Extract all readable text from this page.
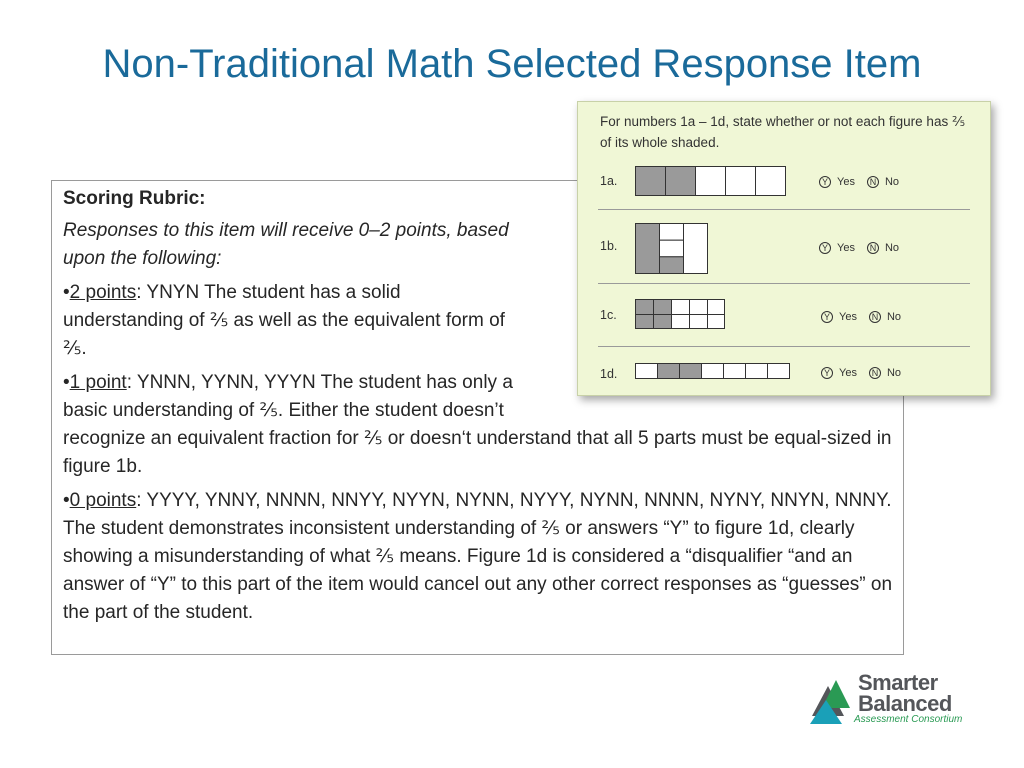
Non-Traditional Math Selected Response Item

Scoring Rubric:

Responses to this item will receive 0–2 points, based upon the following:

•2 points: YNYN The student has a solid understanding of ⅖ as well as the equivalent form of ⅖.

•1 point: YNNN, YYNN, YYYN The student has only a basic understanding of ⅖. Either the student doesn’t recognize an equivalent fraction for ⅖ or doesn‘t understand that all 5 parts must be equal-sized in figure 1b.

•0 points: YYYY, YNNY, NNNN, NNYY, NYYN, NYNN, NYYY, NYNN, NNNN, NYNY, NNYN, NNNY. The student demonstrates inconsistent understanding of ⅖ or answers “Y” to figure 1d, clearly showing a misunderstanding of what ⅖ means. Figure 1d is considered a “disqualifier “and an answer of “Y” to this part of the item would cancel out any other correct responses as “guesses” on the part of the student.

For numbers 1a – 1d, state whether or not each figure has ⅖ of its whole shaded.
1a.	Y Yes	N No
1b.	Y Yes	N No
1c.	Y Yes	N No
1d.	Y Yes	N No
Smarter
Balanced
Assessment Consortium
